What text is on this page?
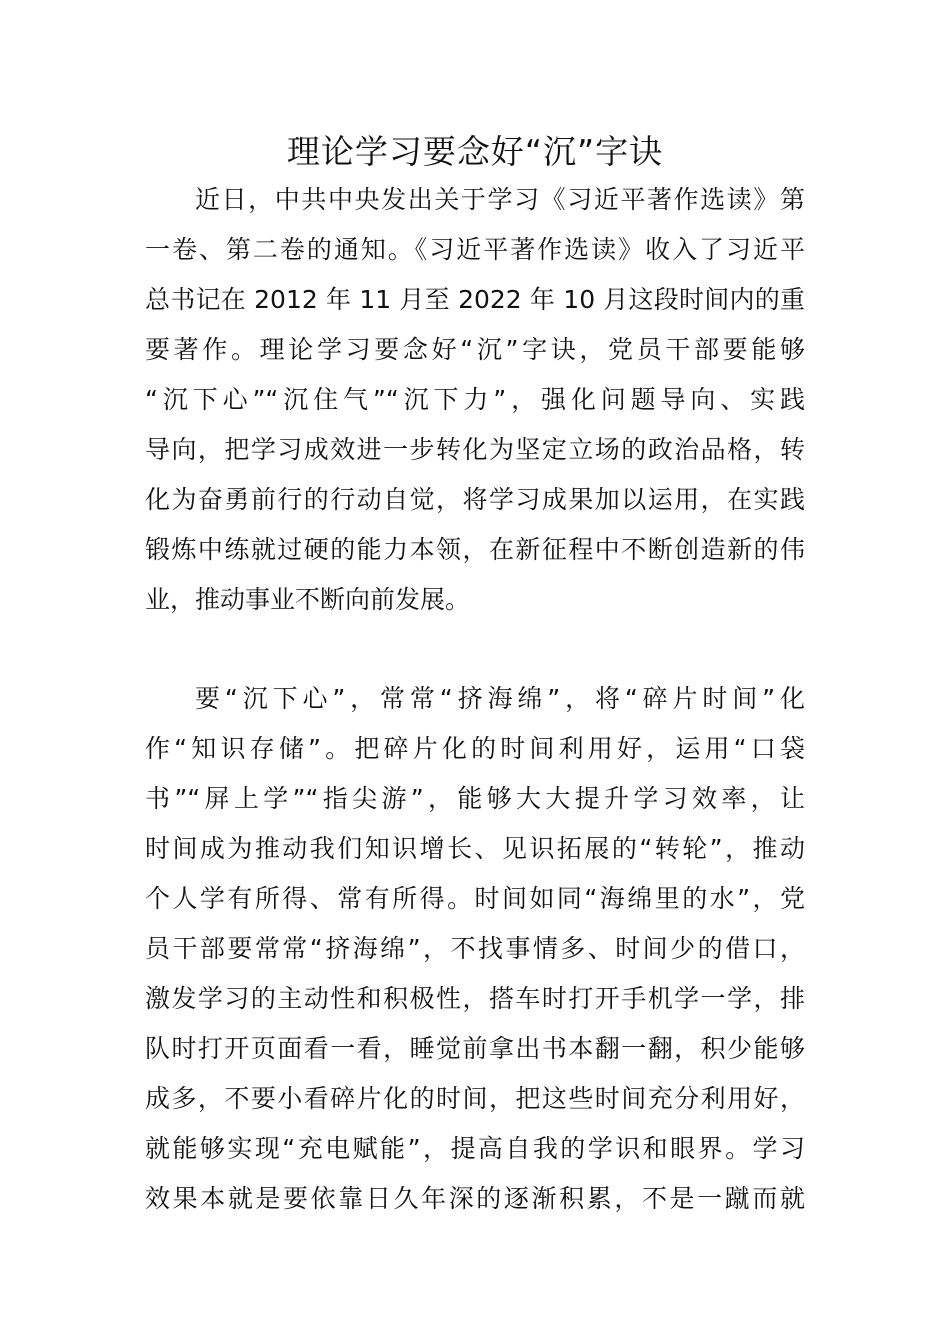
理论学习要念好“沉”字诀

近日，中共中央发出关于学习《习近平著作选读》第

一卷、第二卷的通知。《习近平著作选读》收入了习近平

总书记在 2012 年 11 月至 2022 年 10 月这段时间内的重

要著作。理论学习要念好“沉”字诀，党员干部要能够

“沉下心”“沉住气”“沉下力”，强化问题导向、实践

导向，把学习成效进一步转化为坚定立场的政治品格，转

化为奋勇前行的行动自觉，将学习成果加以运用，在实践

锻炼中练就过硬的能力本领，在新征程中不断创造新的伟

业，推动事业不断向前发展。

要“沉下心”，常常“挤海绵”，将“碎片时间”化

作“知识存储”。把碎片化的时间利用好，运用“口袋

书”“屏上学”“指尖游”，能够大大提升学习效率，让

时间成为推动我们知识增长、见识拓展的“转轮”，推动

个人学有所得、常有所得。时间如同“海绵里的水”，党

员干部要常常“挤海绵”，不找事情多、时间少的借口，

激发学习的主动性和积极性，搭车时打开手机学一学，排

队时打开页面看一看，睡觉前拿出书本翻一翻，积少能够

成多，不要小看碎片化的时间，把这些时间充分利用好，

就能够实现“充电赋能”，提高自我的学识和眼界。学习

效果本就是要依靠日久年深的逐渐积累，不是一蹴而就
